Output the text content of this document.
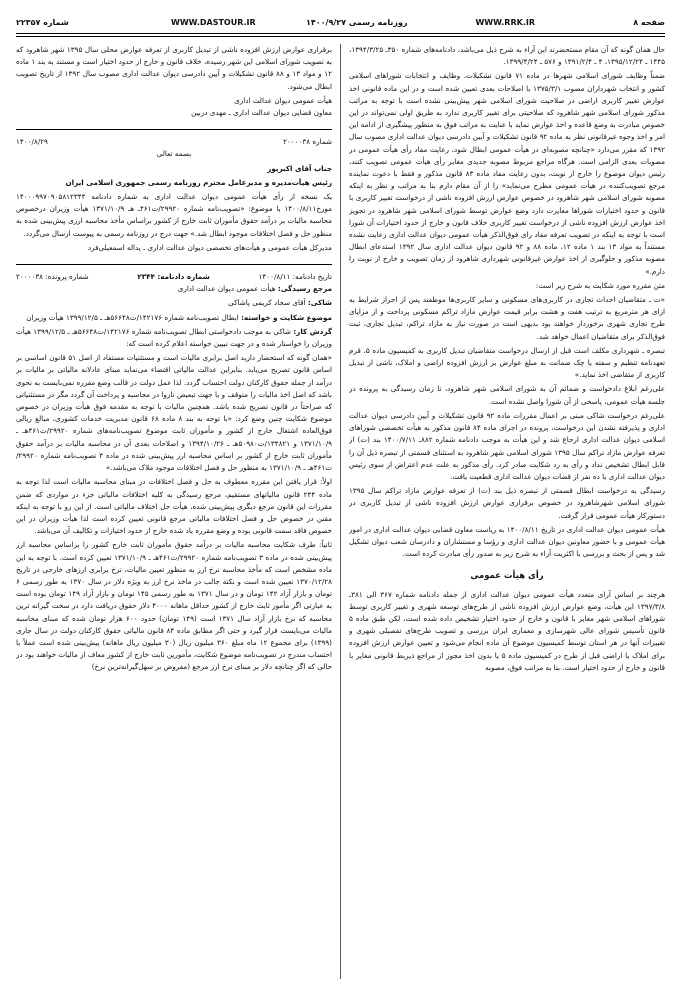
صفحه ۸
WWW.RRK.IR
روزنامه رسمی ۱۴۰۰/۹/۲۷
WWW.DASTOUR.IR
شماره ۲۲۳۵۷

حال همان گونه که آن مقام مستحضرند این آراء به شرح ذیل می‌باشد، دادنامه‌های شماره ۳۵۰ـ ۱۳۹۴/۳/۲۵، ۱۴۴۵ ـ ۱۳۹۵/۱۲/۲۴، ۴ ـ ۱۳۹۱/۲/۴ و ۵۷۶ ـ ۱۳۹۹/۴/۲۴.

ضمناً وظایف شورای اسلامی شهرها در ماده ۷۱ قانون تشکیلات، وظایف و انتخابات شوراهای اسلامی کشور و انتخاب شهرداران مصوب ۱۳۷۵/۳/۱ با اصلاحات بعدی تعیین شده است و در این ماده قانونی اخذ عوارض تغییر کاربری اراضی در صلاحیت شورای اسلامی شهر پیش‌بینی نشده است با توجه به مراتب مذکور شورای اسلامی شهر شاهرود که صلاحیتی برای تغییر کاربری ندارد به طریق اولی نمی‌تواند در این خصوص مبادرت به وضع قاعده و اخذ عوارض نماید با عنایت به مراتب فوق به منظور پیشگیری از ادامه این امر و اخذ وجوه غیرقانونی نظر به ماده ۹۲ قانون تشکیلات و آیین دادرسی دیوان عدالت اداری مصوب سال ۱۳۹۲ که مقرر می‌دارد «چنانچه مصوبه‌ای در هیأت عمومی ابطال شود، رعایت مفاد رأی هیأت عمومی در مصوبات بعدی الزامی است. هرگاه مراجع مربوط مصوبه جدیدی مغایر رأی هیأت عمومی تصویب کنند، رئیس دیوان موضوع را خارج از نوبت، بدون رعایت مفاد ماده ۸۳ قانون مذکور و فقط با دعوت نماینده مرجع تصویب‌کننده در هیأت عمومی مطرح می‌نماید» را از آن مقام دارم بنا به مراتب و نظر به اینکه مصوبه شورای اسلامی شهر شاهرود در خصوص عوارض ارزش افزوده ناشی از درخواست تغییر کاربری با قانون و حدود اختیارات شوراها مغایرت دارد وضع عوارض توسط شورای اسلامی شهر شاهرود در تجویز اخذ عوارض ارزش افزوده ناشی از درخواست تغییر کاربری خلاف قانون و خارج از حدود اختیارات آن شورا است با توجه به اینکه در تصویب تعرفه مفاد رای فوق‌الذکر هیأت عمومی دیوان عدالت اداری رعایت نشده مستنداً به مواد ۱۳ بند ۱ ماده ۱۲، ماده ۸۸ و ۹۲ قانون دیوان عدالت اداری سال ۱۳۹۲ استدعای ابطال مصوبه مذکور و جلوگیری از اخذ عوارض غیرقانونی شهرداری شاهرود از زمان تصویب و خارج از نوبت را دارم.»

متن مقرره مورد شکایت به شرح زیر است:

«ت ـ متقاضیان احداث تجاری در کاربری‌های مسکونی و سایر کاربری‌ها موظفند پس از احراز شرایط به ازای هر مترمربع به ترتیب هفت و هشت برابر قیمت عوارض مازاد تراکم مسکونی پرداخت و از مزایای طرح تجاری شهری برخوردار خواهند بود بدیهی است در صورت نیاز به مازاد تراکم، تبدیل تجاری، ثبت فوق‌الذکر برای متقاضیان اعمال خواهد شد.

تبصره ـ شهرداری مکلف است قبل از ارسال درخواست متقاضیان تبدیل کاربری به کمیسیون ماده ۵، قرم تعهدنامه تنظیم و سفته یا چک ضمانت به مبلغ عوارض بر ارزش افزوده اراضی و املاک، ناشی از تبدیل کاربری از متقاضی اخذ نماید.»

علی‌رغم ابلاغ دادخواست و ضمائم آن به شورای اسلامی شهر شاهرود، تا زمان رسیدگی به پرونده در جلسه هیأت عمومی، پاسخی از آن شورا واصل نشده است.

علی‌رغم درخواست شاکی مبنی بر اعمال مقررات ماده ۹۲ قانون تشکیلات و آیین دادرسی دیوان عدالت اداری و پذیرفته نشدن این درخواست، پرونده در اجرای ماده ۸۴ قانون مذکور به هیأت تخصصی شوراهای اسلامی دیوان عدالت اداری ارجاع شد و این هیأت به موجب دادنامه شماره ۸۸۲ـ ۱۴۰۰/۷/۱۱ بند (ت) از تعرفه عوارض مازاد تراکم سال ۱۳۹۵ شورای اسلامی شهر شاهرود به استثنای قسمتی از تبصره ذیل آن را قابل ابطال تشخیص نداد و رأی به رد شکایت صادر کرد. رأی مذکور به علت عدم اعتراض از سوی رئیس دیوان عدالت اداری یا ده نفر از قضات دیوان عدالت اداری قطعیت یافت.

رسیدگی به درخواست ابطال قسمتی از تبصره ذیل بند (ت) از تعرفه عوارض مازاد تراکم سال ۱۳۹۵ شورای اسلامی شهرشاهرود در خصوص برقراری عوارض ارزش افزوده ناشی از تبدیل کاربری در دستورکار هیأت عمومی قرار گرفت.

هیأت عمومی دیوان عدالت اداری در تاریخ ۱۴۰۰/۸/۱۱ به ریاست معاون قضایی دیوان عدالت اداری در امور هیأت عمومی و با حضور معاونین دیوان عدالت اداری و رؤسا و مستشاران و دادرسان شعب دیوان تشکیل شد و پس از بحث و بررسی با اکثریت آراء به شرح زیر به صدور رأی مبادرت کرده است.

رأی هیأت عمومی

هرچند بر اساس آرای متعدد هیأت عمومی دیوان عدالت اداری از جمله دادنامه شماره ۳۶۷ الی ۳۸۱ـ ۱۳۹۷/۳/۸ این هیأت، وضع عوارض ارزش افزوده ناشی از طرح‌های توسعه شهری و تغییر کاربری توسط شوراهای اسلامی شهر مغایر با قانون و خارج از حدود اختیار تشخیص داده شده است، لکن طبق ماده ۵ قانون تأسیس شورای عالی شهرسازی و معماری ایران بررسی و تصویب طرح‌های تفصیلی شهری و تغییرات آنها در هر استان توسط کمیسیون موضوع آن ماده انجام می‌شود و تعیین عوارض ارزش افزوده برای املاک یا اراضی قبل از طرح در کمیسیون ماده ۵ یا بدون اخذ مجوز از مراجع ذیربط قانونی مغایر با قانون و خارج از حدود اختیار است. بنا به مراتب فوق، مصوبه

برقراری عوارض ارزش افزوده ناشی از تبدیل کاربری از تعرفه عوارض محلی سال ۱۳۹۵ شهر شاهرود که به تصویب شورای اسلامی این شهر رسیده، خلاف قانون و خارج از حدود اختیار است و مستند به بند ۱ ماده ۱۲ و مواد ۱۳ و ۸۸ قانون تشکیلات و آیین دادرسی دیوان عدالت اداری مصوب سال ۱۳۹۲ از تاریخ تصویب ابطال می‌شود.

هیأت عمومی دیوان عدالت اداری

معاون قضایی دیوان عدالت اداری ـ مهدی دربین

شماره ۲۰۰۰۰۳۸
۱۴۰۰/۸/۲۹

بسمه تعالی

جناب آقای اکبرپور

رئیس هیأت‌مدیره و مدیرعامل محترم روزنامه رسمی جمهوری اسلامی ایران

یک نسخه از رأی هیأت عمومی دیوان عدالت اداری به شماره دادنامه ۱۴۰۰۰۹۹۷۰۹۰۵۸۱۲۳۴۴ مورخ۱۴۰۰/۸/۱۱ با موضوع: «تصویب‌نامه شماره ۲۹۹۲۰/ت۴۶۱ـ هـ ۱۳۷۱/۱۰/۹ هیأت وزیران درخصوص محاسبه مالیات بر درآمد حقوق مأموران ثابت خارج از کشور براساس مأخذ محاسبه ارزی پیش‌بینی شده به منظور حل و فصل اختلافات موجود ابطال شد.» جهت درج در روزنامه رسمی به پیوست ارسال می‌گردد.

مدیرکل هیأت عمومی و هیأت‌های تخصصی دیوان عدالت اداری ـ یداله اسمعیلی‌فرد

تاریخ دادنامه: ۱۴۰۰/۸/۱۱
شماره دادنامه: ۲۳۴۴
شماره پرونده: ۲۰۰۰۰۳۸

مرجع رسیدگی: هیأت عمومی دیوان عدالت اداری

شاکی: آقای سجاد کریمی پاشاکی

موضوع شکایت و خواسته: ابطال تصویب‌نامه شماره ۱۴۲۱۷۶/ت۵۶۶۴۸هـ ـ ۱۳۹۹/۱۲/۵ هیأت وزیران

گردش کار: شاکی به موجب دادخواستی ابطال تصویب‌نامه شماره ۱۴۲۱۷۶/ت۵۶۶۴۸هـ ـ ۱۳۹۹/۱۲/۵ هیأت وزیران را خواستار شده و در جهت تبیین خواسته اعلام کرده است که:

«همان گونه که استحضار دارید اصل برابری مالیات است و مستثنیات مستفاد از اصل ۵۱ قانون اساسی بر اساس قانون تصریح می‌یابد. بنابراین عدالت مالیاتی اقتضاء می‌نماید مبنای عادلانه مالیاتی بر مالیات بر درآمد از جمله حقوق کارکنان دولت احتساب گردد. لذا عمل دولت در قالب وضع مقرره نمی‌بایست به نحوی باشد که اصل اخذ مالیات را متوقف و یا جهت تبعیض ناروا در محاسبه و پرداخت آن گردد مگر در مستثنیاتی که صراحتاً در قانون تصریح شده باشد. همچنین مالیات با توجه به مقدمه فوق هیأت وزیران در خصوص موضوع شکایت چنین وضع کرد: «با توجه به بند ۸ ماده ۶۸ قانون مدیریت خدمات کشوری، مبالغ ریالی فوق‌العاده اشتغال خارج از کشور و مأموران ثابت موضوع تصویب‌نامه‌های شماره ۲۹۹۲۰/ت۴۶۱هـ ـ ۱۳۷۱/۱۰/۹ و ۱۳۴۸۲۱/ت۵۰۹۸۰هـ ـ ۱۳۹۴/۱۰/۲۶ و اصلاحات بعدی آن در محاسبه مالیات بر درآمد حقوق مأموران ثابت خارج از کشور بر اساس محاسبه ارز پیش‌بینی شده در ماده ۳ تصویب‌نامه شماره ۲۹۹۲۰/ت۴۶۱هـ ـ ۱۳۷۱/۱۰/۹ به منظور حل و فصل اختلافات موجود ملاک می‌باشد.»

اولاً: قرار یافتن این مقرره معطوف به حل و فصل اختلافات در مبنای محاسبه مالیات است لذا توجه به ماده ۲۴۴ قانون مالیاتهای مستقیم، مرجع رسیدگی به کلیه اختلافات مالیاتی جزء در مواردی که ضمن مقررات این قانون مرجع دیگری پیش‌بینی شده، هیأت حل اختلاف مالیاتی است. از این رو با توجه به اینکه مقنن در خصوص حل و فصل اختلافات مالیاتی مرجع قانونی تعیین کرده است لذا هیأت وزیران در این خصوص فاقد سمت قانونی بوده و وضع مقرره یاد شده خارج از حدود اختیارات و تکالیف آن می‌باشد.

ثانیاً: طرف شکایت محاسبه مالیات بر درآمد حقوق مأموران ثابت خارج کشور را براساس محاسبه ارز پیش‌بینی شده در ماده ۳ تصویب‌نامه شماره ۲۹۹۲۰/ت۴۶۱هـ ـ ۱۳۷۱/۱۰/۹ تعیین کرده است. با توجه به این ماده مشخص است که مأخذ محاسبه نرخ ارز به منظور تعیین مالیات، نرخ برابری ارزهای خارجی در تاریخ ۱۳۷۰/۱۲/۲۸ تعیین شده است و نکته جالب در ماخذ نرخ ارز به ویژه دلار در سال ۱۳۷۰ به طور رسمی ۶ تومان و بازار آزاد ۱۴۲ تومان و در سال ۱۳۷۱ به طور رسمی ۱۴۵ تومان و بازار آزاد ۱۴۹ تومان بوده است به عبارتی اگر مأمور ثابت خارج از کشور حداقل ماهانه ۴۰۰۰ دلار حقوق دریافت دارد در سخت گیرانه ترین محاسبه که نرخ بازار آزاد سال ۱۳۷۱ است (۱۴۹ تومان) حدود ۶۰۰ هزار تومان شده که مبنای محاسبه مالیات می‌بایست قرار گیرد و حتی اگر مطابق ماده ۸۴ قانون مالیاتی حقوق کارکنان دولت در سال جاری (۱۳۹۹) برای مجموع ۱۲ ماه مبلغ ۳۶۰ میلیون ریال (۳۰ میلیون ریال ماهانه) پیش‌بینی شده است عملاً با احتساب مندرج در تصویب‌نامه موضوع شکایت، مأمورین ثابت خارج از کشور معاف از مالیات خواهند بود در حالی که اگر چنانچه دلار بر مبنای نرخ ارز مرجع (مفروض بر سهل‌گیرانه‌ترین نرخ)
